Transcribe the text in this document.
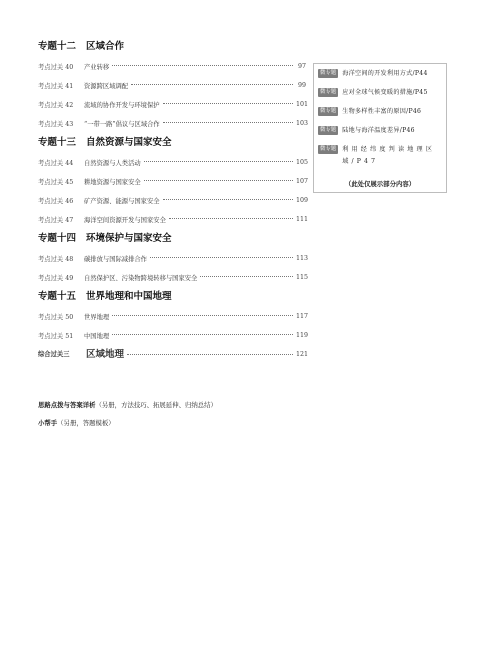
专题十二 区域合作
考点过关 40	产业转移	97
考点过关 41	资源跨区域调配	99
考点过关 42	流域的协作开发与环境保护	101
考点过关 43	“一带一路”倡议与区域合作	103
专题十三 自然资源与国家安全
考点过关 44	自然资源与人类活动	105
考点过关 45	耕地资源与国家安全	107
考点过关 46	矿产资源、能源与国家安全	109
考点过关 47	海洋空间资源开发与国家安全	111
专题十四 环境保护与国家安全
考点过关 48	碳排放与国际减排合作	113
考点过关 49	自然保护区、污染物跨境转移与国家安全	115
专题十五 世界地理和中国地理
考点过关 50	世界地理	117
考点过关 51	中国地理	119
综合过关三	区域地理	121
微专题 海洋空间的开发利用方式/P44
微专题 应对全球气候变暖的措施/P45
微专题 生物多样性丰富的原因/P46
微专题 陆地与海洋温度差异/P46
微专题 利用经纬度判读地理区域/P47
（此处仅展示部分内容）
思路点拨与答案详析（另册，方法技巧、拓展延伸、归纳总结）
小帮手（另册，答题模板）
